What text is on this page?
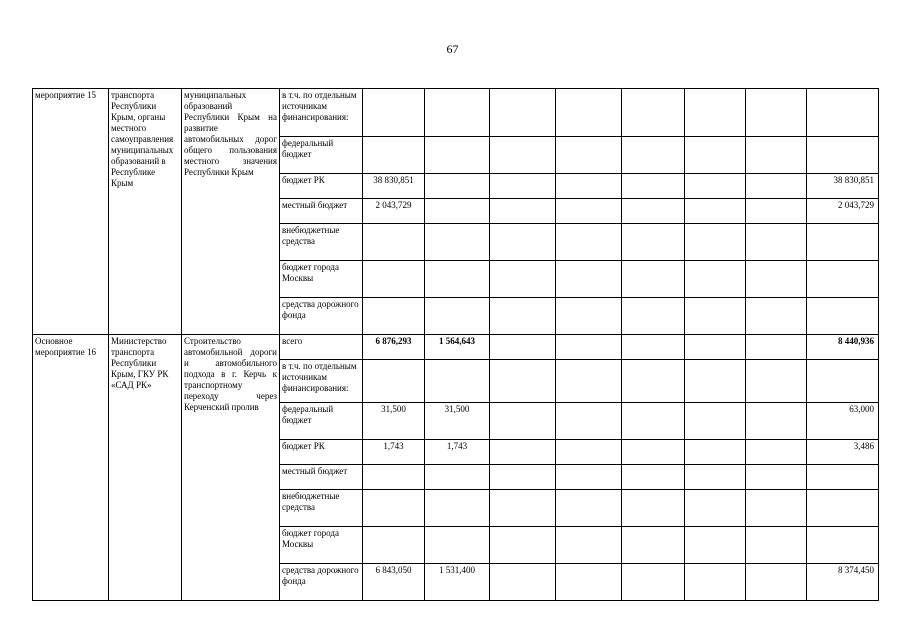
67
мероприятие 15	транспорта Республики Крым, органы местного самоуправления муниципальных образований в Республике Крым	муниципальных образований Республики Крым на развитие автомобильных дорог общего пользования местного значения Республики Крым	в т.ч. по отдельным источникам финансирования:								
			федеральный бюджет								
			бюджет РК	38 830,851							38 830,851
			местный бюджет	2 043,729							2 043,729
			внебюджетные средства								
			бюджет города Москвы								
			средства дорожного фонда								
Основное мероприятие 16	Министерство транспорта Республики Крым, ГКУ РК «САД РК»	Строительство автомобильной дороги и автомобильного подхода в г. Керчь к транспортному переходу через Керченский пролив	всего	6 876,293	1 564,643						8 440,936
			в т.ч. по отдельным источникам финансирования:								
			федеральный бюджет	31,500	31,500						63,000
			бюджет РК	1,743	1,743						3,486
			местный бюджет								
			внебюджетные средства								
			бюджет города Москвы								
			средства дорожного фонда	6 843,050	1 531,400						8 374,450
